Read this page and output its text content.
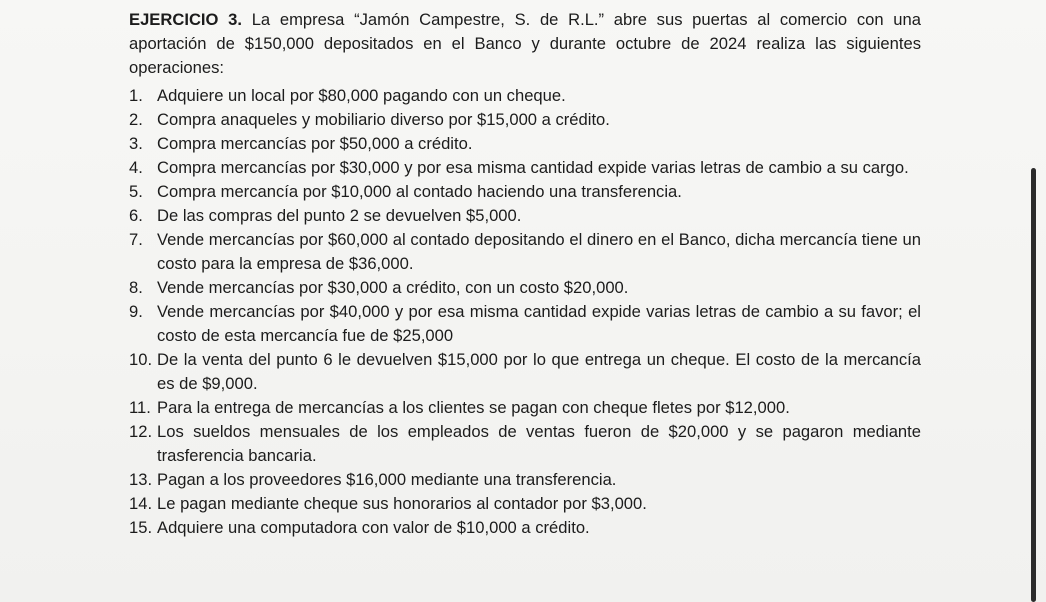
EJERCICIO 3. La empresa “Jamón Campestre, S. de R.L.” abre sus puertas al comercio con una aportación de $150,000 depositados en el Banco y durante octubre de 2024 realiza las siguientes operaciones:

1. Adquiere un local por $80,000 pagando con un cheque.
2. Compra anaqueles y mobiliario diverso por $15,000 a crédito.
3. Compra mercancías por $50,000 a crédito.
4. Compra mercancías por $30,000 y por esa misma cantidad expide varias letras de cambio a su cargo.
5. Compra mercancía por $10,000 al contado haciendo una transferencia.
6. De las compras del punto 2 se devuelven $5,000.
7. Vende mercancías por $60,000 al contado depositando el dinero en el Banco, dicha mercancía tiene un costo para la empresa de $36,000.
8. Vende mercancías por $30,000 a crédito, con un costo $20,000.
9. Vende mercancías por $40,000 y por esa misma cantidad expide varias letras de cambio a su favor; el costo de esta mercancía fue de $25,000
10. De la venta del punto 6 le devuelven $15,000 por lo que entrega un cheque. El costo de la mercancía es de $9,000.
11. Para la entrega de mercancías a los clientes se pagan con cheque fletes por $12,000.
12. Los sueldos mensuales de los empleados de ventas fueron de $20,000 y se pagaron mediante trasferencia bancaria.
13. Pagan a los proveedores $16,000 mediante una transferencia.
14. Le pagan mediante cheque sus honorarios al contador por $3,000.
15. Adquiere una computadora con valor de $10,000 a crédito.
